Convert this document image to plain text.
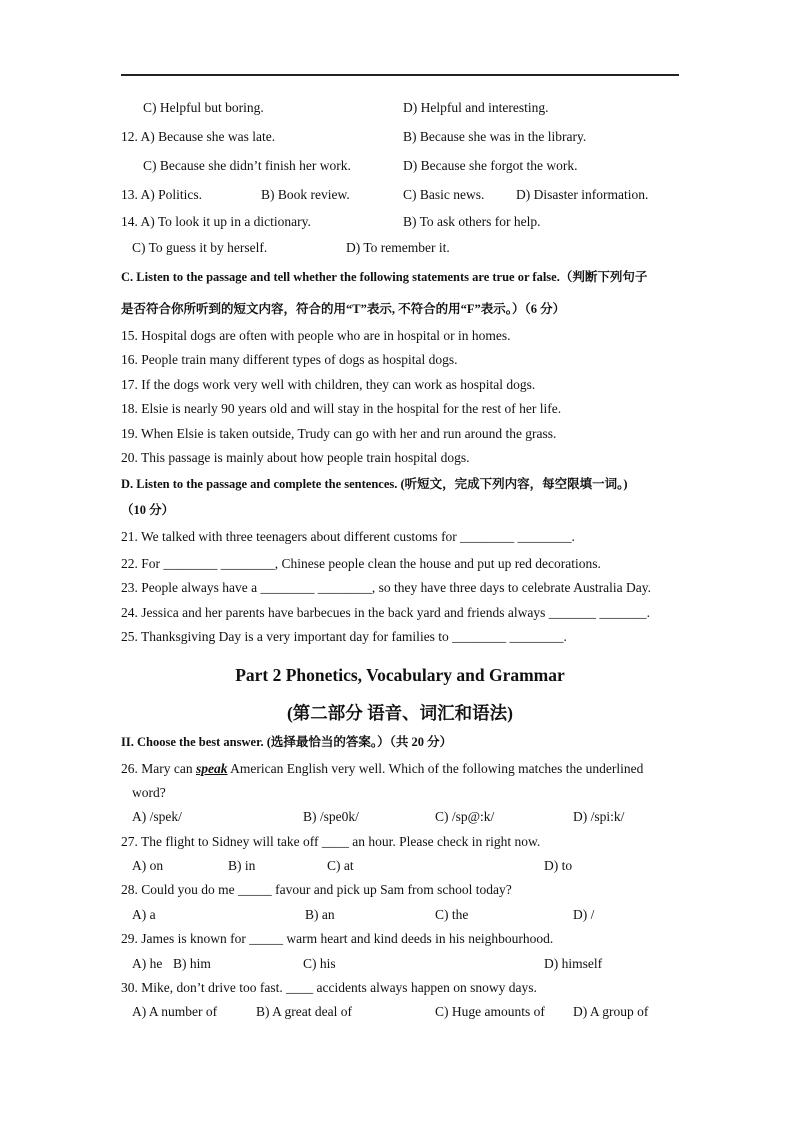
C) Helpful but boring.	D) Helpful and interesting.
12. A) Because she was late.	B) Because she was in the library.
C) Because she didn’t finish her work.	D) Because she forgot the work.
13. A) Politics.	B) Book review.	C) Basic news. D) Disaster information.
14. A) To look it up in a dictionary.	B) To ask others for help.
C) To guess it by herself.	D) To remember it.
C. Listen to the passage and tell whether the following statements are true or false.（判断下列句子
是否符合你所听到的短文内容，符合的用“T”表示, 不符合的用“F”表示。）（6 分）
15. Hospital dogs are often with people who are in hospital or in homes.
16. People train many different types of dogs as hospital dogs.
17. If the dogs work very well with children, they can work as hospital dogs.
18. Elsie is nearly 90 years old and will stay in the hospital for the rest of her life.
19. When Elsie is taken outside, Trudy can go with her and run around the grass.
20. This passage is mainly about how people train hospital dogs.
D. Listen to the passage and complete the sentences. (听短文，完成下列内容，每空限填一词。)
（10 分）
21. We talked with three teenagers about different customs for ________ ________.
22. For ________ ________, Chinese people clean the house and put up red decorations.
23. People always have a ________ ________, so they have three days to celebrate Australia Day.
24. Jessica and her parents have barbecues in the back yard and friends always _______ _______.
25. Thanksgiving Day is a very important day for families to ________ ________.
Part 2 Phonetics, Vocabulary and Grammar
(第二部分 语音、词汇和语法)
II. Choose the best answer. (选择最恰当的答案。）（共 20 分）
26. Mary can speak American English very well. Which of the following matches the underlined
word?
A) /spek/	B) /spe0k/	C) /sp@:k/	D) /spi:k/
27. The flight to Sidney will take off ____ an hour. Please check in right now.
A) on	B) in	C) at	D) to
28. Could you do me _____ favour and pick up Sam from school today?
A) a	B) an	C) the	D) /
29. James is known for _____ warm heart and kind deeds in his neighbourhood.
A) he B) him	C) his	D) himself
30. Mike, don’t drive too fast. ____ accidents always happen on snowy days.
A) A number of	B) A great deal of	C) Huge amounts of D) A group of
